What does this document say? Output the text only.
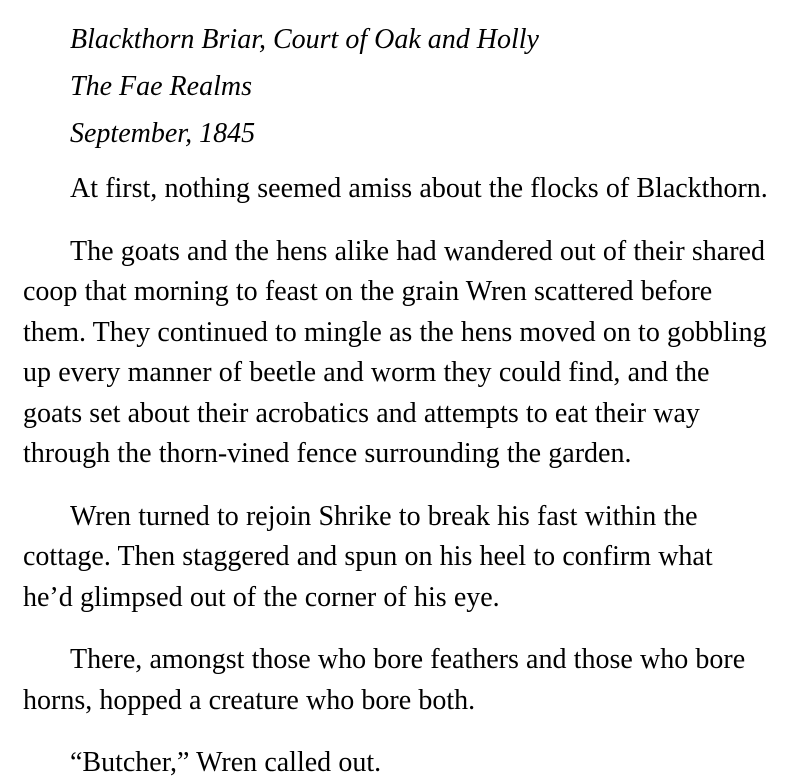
Blackthorn Briar, Court of Oak and Holly
The Fae Realms
September, 1845

At first, nothing seemed amiss about the flocks of Blackthorn.

The goats and the hens alike had wandered out of their shared coop that morning to feast on the grain Wren scattered before them. They continued to mingle as the hens moved on to gobbling up every manner of beetle and worm they could find, and the goats set about their acrobatics and attempts to eat their way through the thorn-vined fence surrounding the garden.

Wren turned to rejoin Shrike to break his fast within the cottage. Then staggered and spun on his heel to confirm what he’d glimpsed out of the corner of his eye.

There, amongst those who bore feathers and those who bore horns, hopped a creature who bore both.

“Butcher,” Wren called out.
